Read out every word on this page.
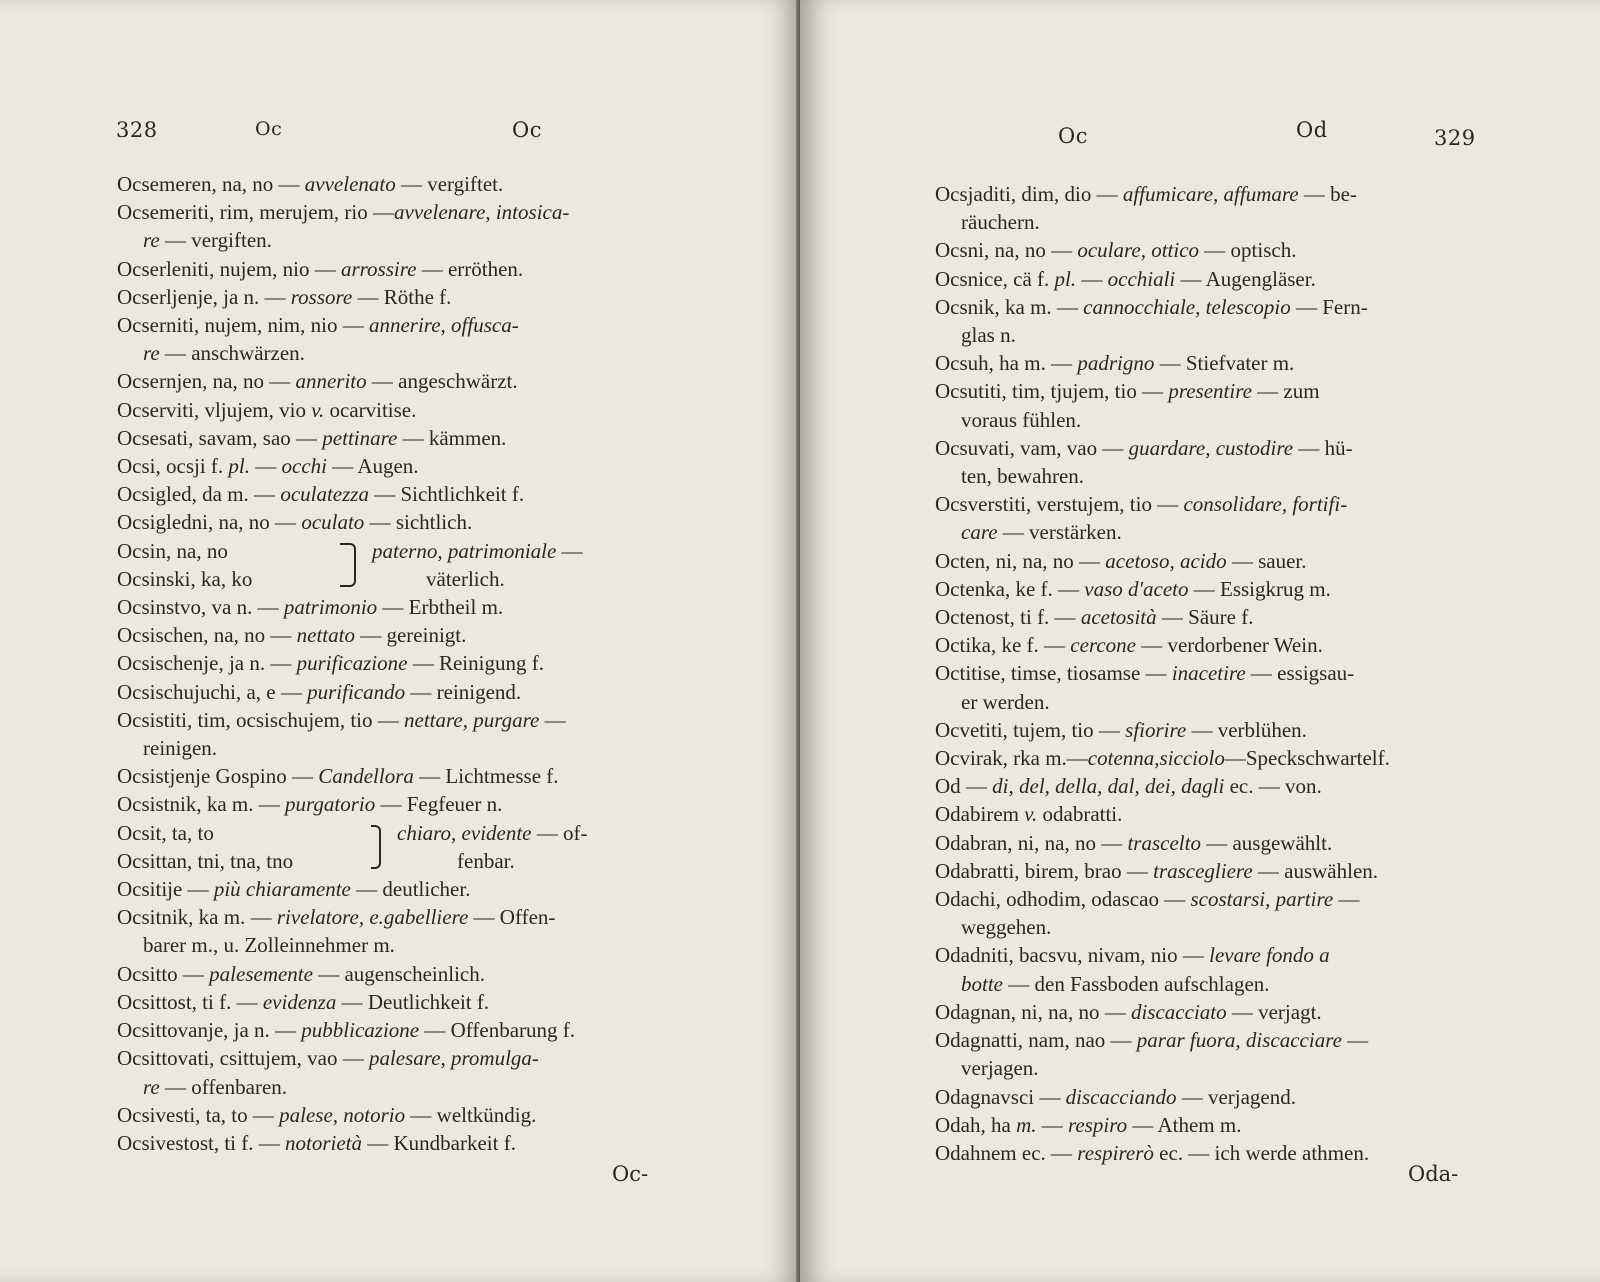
328	Oc	Oc
Ocsemeren, na, no — avvelenato — vergiftet.
Ocsemeriti, rim, merujem, rio —avvelenare, intosica-
re — vergiften.
Ocserleniti, nujem, nio — arrossire — erröthen.
Ocserljenje, ja n. — rossore — Röthe f.
Ocserniti, nujem, nim, nio — annerire, offusca-
re — anschwärzen.
Ocsernjen, na, no — annerito — angeschwärzt.
Ocserviti, vljujem, vio v. ocarvitise.
Ocsesati, savam, sao — pettinare — kämmen.
Ocsi, ocsji f. pl. — occhi — Augen.
Ocsigled, da m. — oculatezza — Sichtlichkeit f.
Ocsigledni, na, no — oculato — sichtlich.
Ocsin, na, no
Ocsinski, ka, ko
paterno, patrimoniale —
väterlich.
Ocsinstvo, va n. — patrimonio — Erbtheil m.
Ocsischen, na, no — nettato — gereinigt.
Ocsischenje, ja n. — purificazione — Reinigung f.
Ocsischujuchi, a, e — purificando — reinigend.
Ocsistiti, tim, ocsischujem, tio — nettare, purgare —
reinigen.
Ocsistjenje Gospino — Candellora — Lichtmesse f.
Ocsistnik, ka m. — purgatorio — Fegfeuer n.
Ocsit, ta, to
Ocsittan, tni, tna, tno
chiaro, evidente — of-
fenbar.
Ocsitije — più chiaramente — deutlicher.
Ocsitnik, ka m. — rivelatore, e.gabelliere — Offen-
barer m., u. Zolleinnehmer m.
Ocsitto — palesemente — augenscheinlich.
Ocsittost, ti f. — evidenza — Deutlichkeit f.
Ocsittovanje, ja n. — pubblicazione — Offenbarung f.
Ocsittovati, csittujem, vao — palesare, promulga-
re — offenbaren.
Ocsivesti, ta, to — palese, notorio — weltkündig.
Ocsivestost, ti f. — notorietà — Kundbarkeit f.
Oc-
Oc	Od	329
Ocsjaditi, dim, dio — affumicare, affumare — be-
räuchern.
Ocsni, na, no — oculare, ottico — optisch.
Ocsnice, cä f. pl. — occhiali — Augengläser.
Ocsnik, ka m. — cannocchiale, telescopio — Fern-
glas n.
Ocsuh, ha m. — padrigno — Stiefvater m.
Ocsutiti, tim, tjujem, tio — presentire — zum
voraus fühlen.
Ocsuvati, vam, vao — guardare, custodire — hü-
ten, bewahren.
Ocsverstiti, verstujem, tio — consolidare, fortifi-
care — verstärken.
Octen, ni, na, no — acetoso, acido — sauer.
Octenka, ke f. — vaso d'aceto — Essigkrug m.
Octenost, ti f. — acetosità — Säure f.
Octika, ke f. — cercone — verdorbener Wein.
Octitise, timse, tiosamse — inacetire — essigsau-
er werden.
Ocvetiti, tujem, tio — sfiorire — verblühen.
Ocvirak, rka m.—cotenna,sicciolo—Speckschwartelf.
Od — di, del, della, dal, dei, dagli ec. — von.
Odabirem v. odabratti.
Odabran, ni, na, no — trascelto — ausgewählt.
Odabratti, birem, brao — trascegliere — auswählen.
Odachi, odhodim, odascao — scostarsi, partire —
weggehen.
Odadniti, bacsvu, nivam, nio — levare fondo a
botte — den Fassboden aufschlagen.
Odagnan, ni, na, no — discacciato — verjagt.
Odagnatti, nam, nao — parar fuora, discacciare —
verjagen.
Odagnavsci — discacciando — verjagend.
Odah, ha m. — respiro — Athem m.
Odahnem ec. — respirerò ec. — ich werde athmen.
Oda-
